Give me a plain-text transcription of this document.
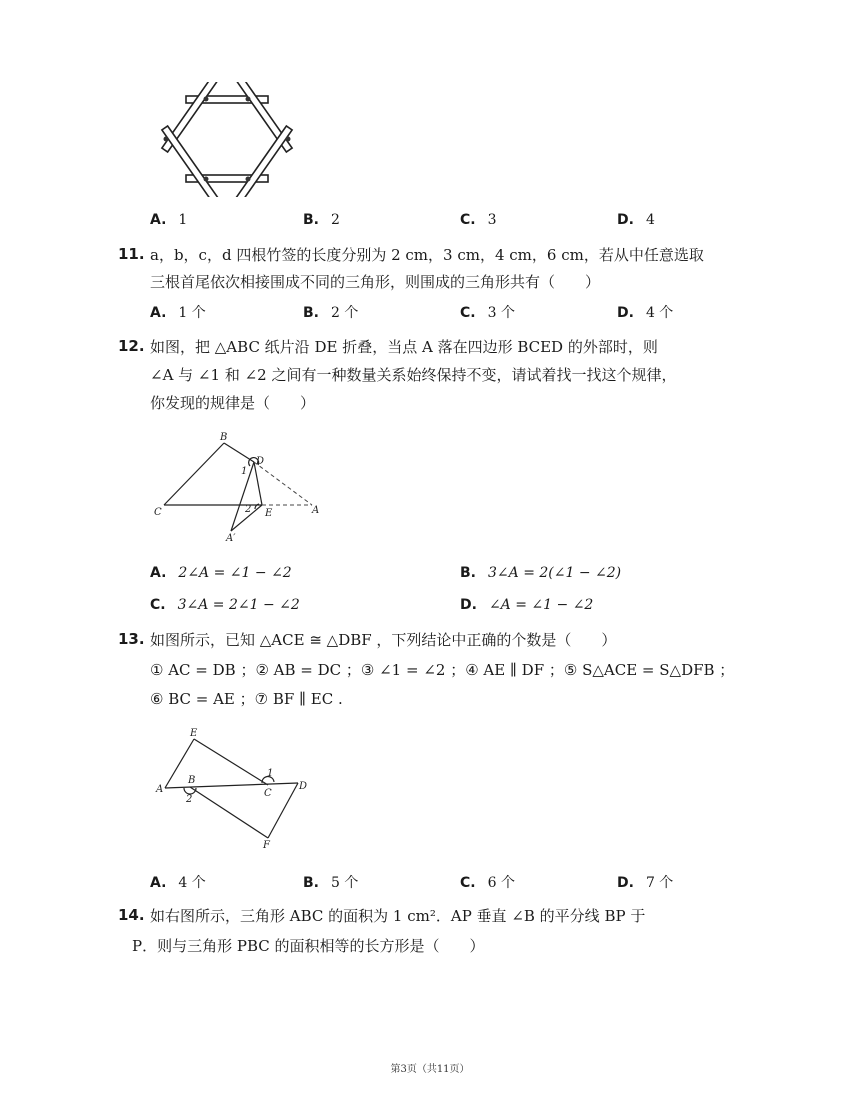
A. 1	B. 2	C. 3	D. 4
11. a，b，c，d 四根竹签的长度分别为 2 cm，3 cm，4 cm，6 cm，若从中任意选取
三根首尾依次相接围成不同的三角形，则围成的三角形共有（　　）
A. 1 个	B. 2 个	C. 3 个	D. 4 个
12. 如图，把 △ABC 纸片沿 DE 折叠，当点 A 落在四边形 BCED 的外部时，则
∠A 与 ∠1 和 ∠2 之间有一种数量关系始终保持不变，请试着找一找这个规律，
你发现的规律是（　　）
B
D
C	E	A
A′
1
2
A. 2∠A = ∠1 − ∠2	B. 3∠A = 2(∠1 − ∠2)
C. 3∠A = 2∠1 − ∠2	D. ∠A = ∠1 − ∠2
13. 如图所示，已知 △ACE ≅ △DBF ，下列结论中正确的个数是（　　）
① AC = DB ；② AB = DC ；③ ∠1 = ∠2 ；④ AE ∥ DF ；⑤ S△ACE = S△DFB ；
⑥ BC = AE ；⑦ BF ∥ EC .
E
A
B
C
D
F
1
2
A. 4 个	B. 5 个	C. 6 个	D. 7 个
14. 如右图所示，三角形 ABC 的面积为 1 cm²．AP 垂直 ∠B 的平分线 BP 于
P．则与三角形 PBC 的面积相等的长方形是（　　）
第3页（共11页）
